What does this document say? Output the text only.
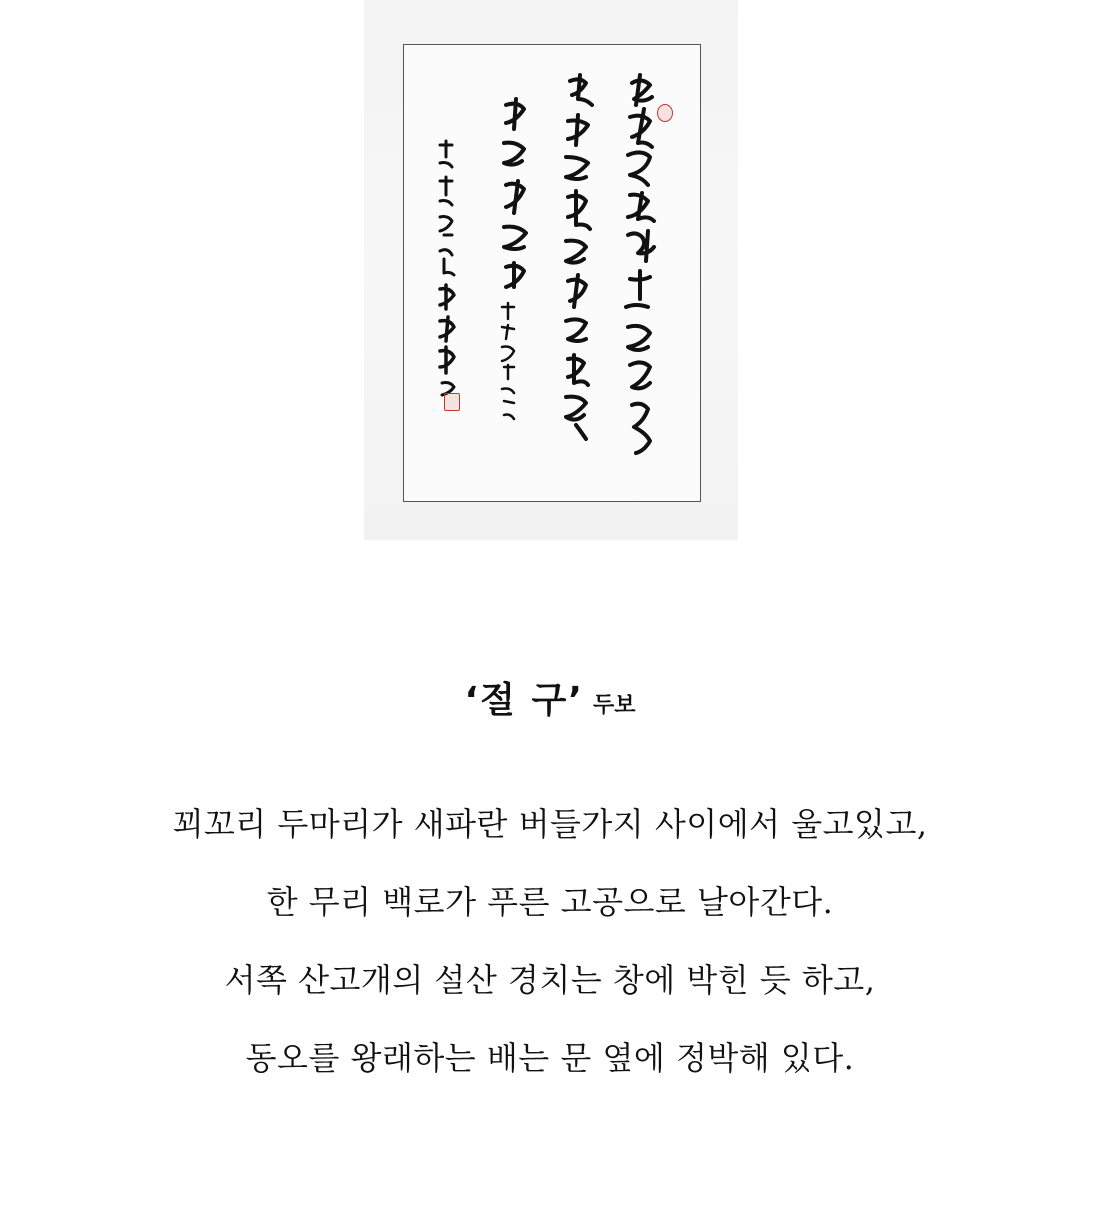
‘절 구’ 두보
꾀꼬리 두마리가 새파란 버들가지 사이에서 울고있고,
한 무리 백로가 푸른 고공으로 날아간다.
서쪽 산고개의 설산 경치는 창에 박힌 듯 하고,
동오를 왕래하는 배는 문 옆에 정박해 있다.
